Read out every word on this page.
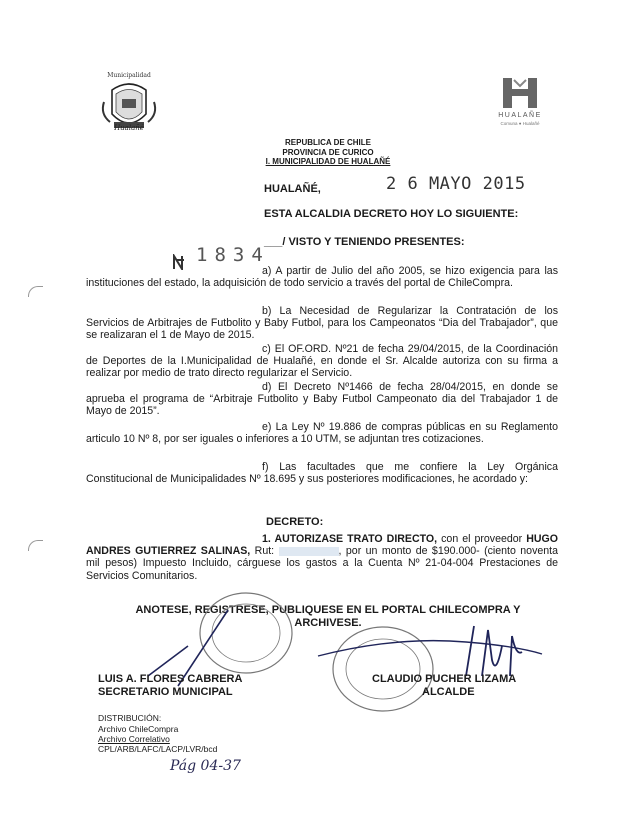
Municipalidad
Hualañé
HUALAÑE
Comuna ● Hualañé
REPUBLICA DE CHILE
PROVINCIA DE CURICO
I. MUNICIPALIDAD DE HUALAÑÉ
HUALAÑÉ,	2 6 MAYO 2015
ESTA ALCALDIA DECRETO HOY LO SIGUIENTE:
1834
___/ VISTO Y TENIENDO PRESENTES:
a) A partir de Julio del año 2005, se hizo exigencia para las instituciones del estado, la adquisición de todo servicio a través del portal de ChileCompra.
b) La Necesidad de Regularizar la Contratación de los Servicios de Arbitrajes de Futbolito y Baby Futbol, para los Campeonatos “Dia del Trabajador”, que se realizaran el 1 de Mayo de 2015.
c) El OF.ORD. Nº21 de fecha 29/04/2015, de la Coordinación de Deportes de la I.Municipalidad de Hualañé, en donde el Sr. Alcalde autoriza con su firma a realizar por medio de trato directo regularizar el Servicio.
d) El Decreto Nº1466 de fecha 28/04/2015, en donde se aprueba el programa de “Arbitraje Futbolito y Baby Futbol Campeonato dia del Trabajador 1 de Mayo de 2015”.
e) La Ley Nº 19.886 de compras públicas en su Reglamento articulo 10 Nº 8, por ser iguales o inferiores a 10 UTM, se adjuntan tres cotizaciones.
f) Las facultades que me confiere la Ley Orgánica Constitucional de Municipalidades Nº 18.695 y sus posteriores modificaciones, he acordado y:
DECRETO:
1. AUTORIZASE TRATO DIRECTO, con el proveedor HUGO ANDRES GUTIERREZ SALINAS, Rut:	, por un monto de $190.000- (ciento noventa mil pesos) Impuesto Incluido, cárguese los gastos a la Cuenta Nº 21-04-004 Prestaciones de Servicios Comunitarios.
ANOTESE, REGISTRESE, PUBLIQUESE EN EL PORTAL CHILECOMPRA Y ARCHIVESE.
LUIS A. FLORES CABRERA
SECRETARIO MUNICIPAL
CLAUDIO PUCHER LIZAMA
ALCALDE
DISTRIBUCIÓN:
Archivo ChileCompra
Archivo Correlativo
CPL/ARB/LAFC/LACP/LVR/bcd
Pág 04-37
